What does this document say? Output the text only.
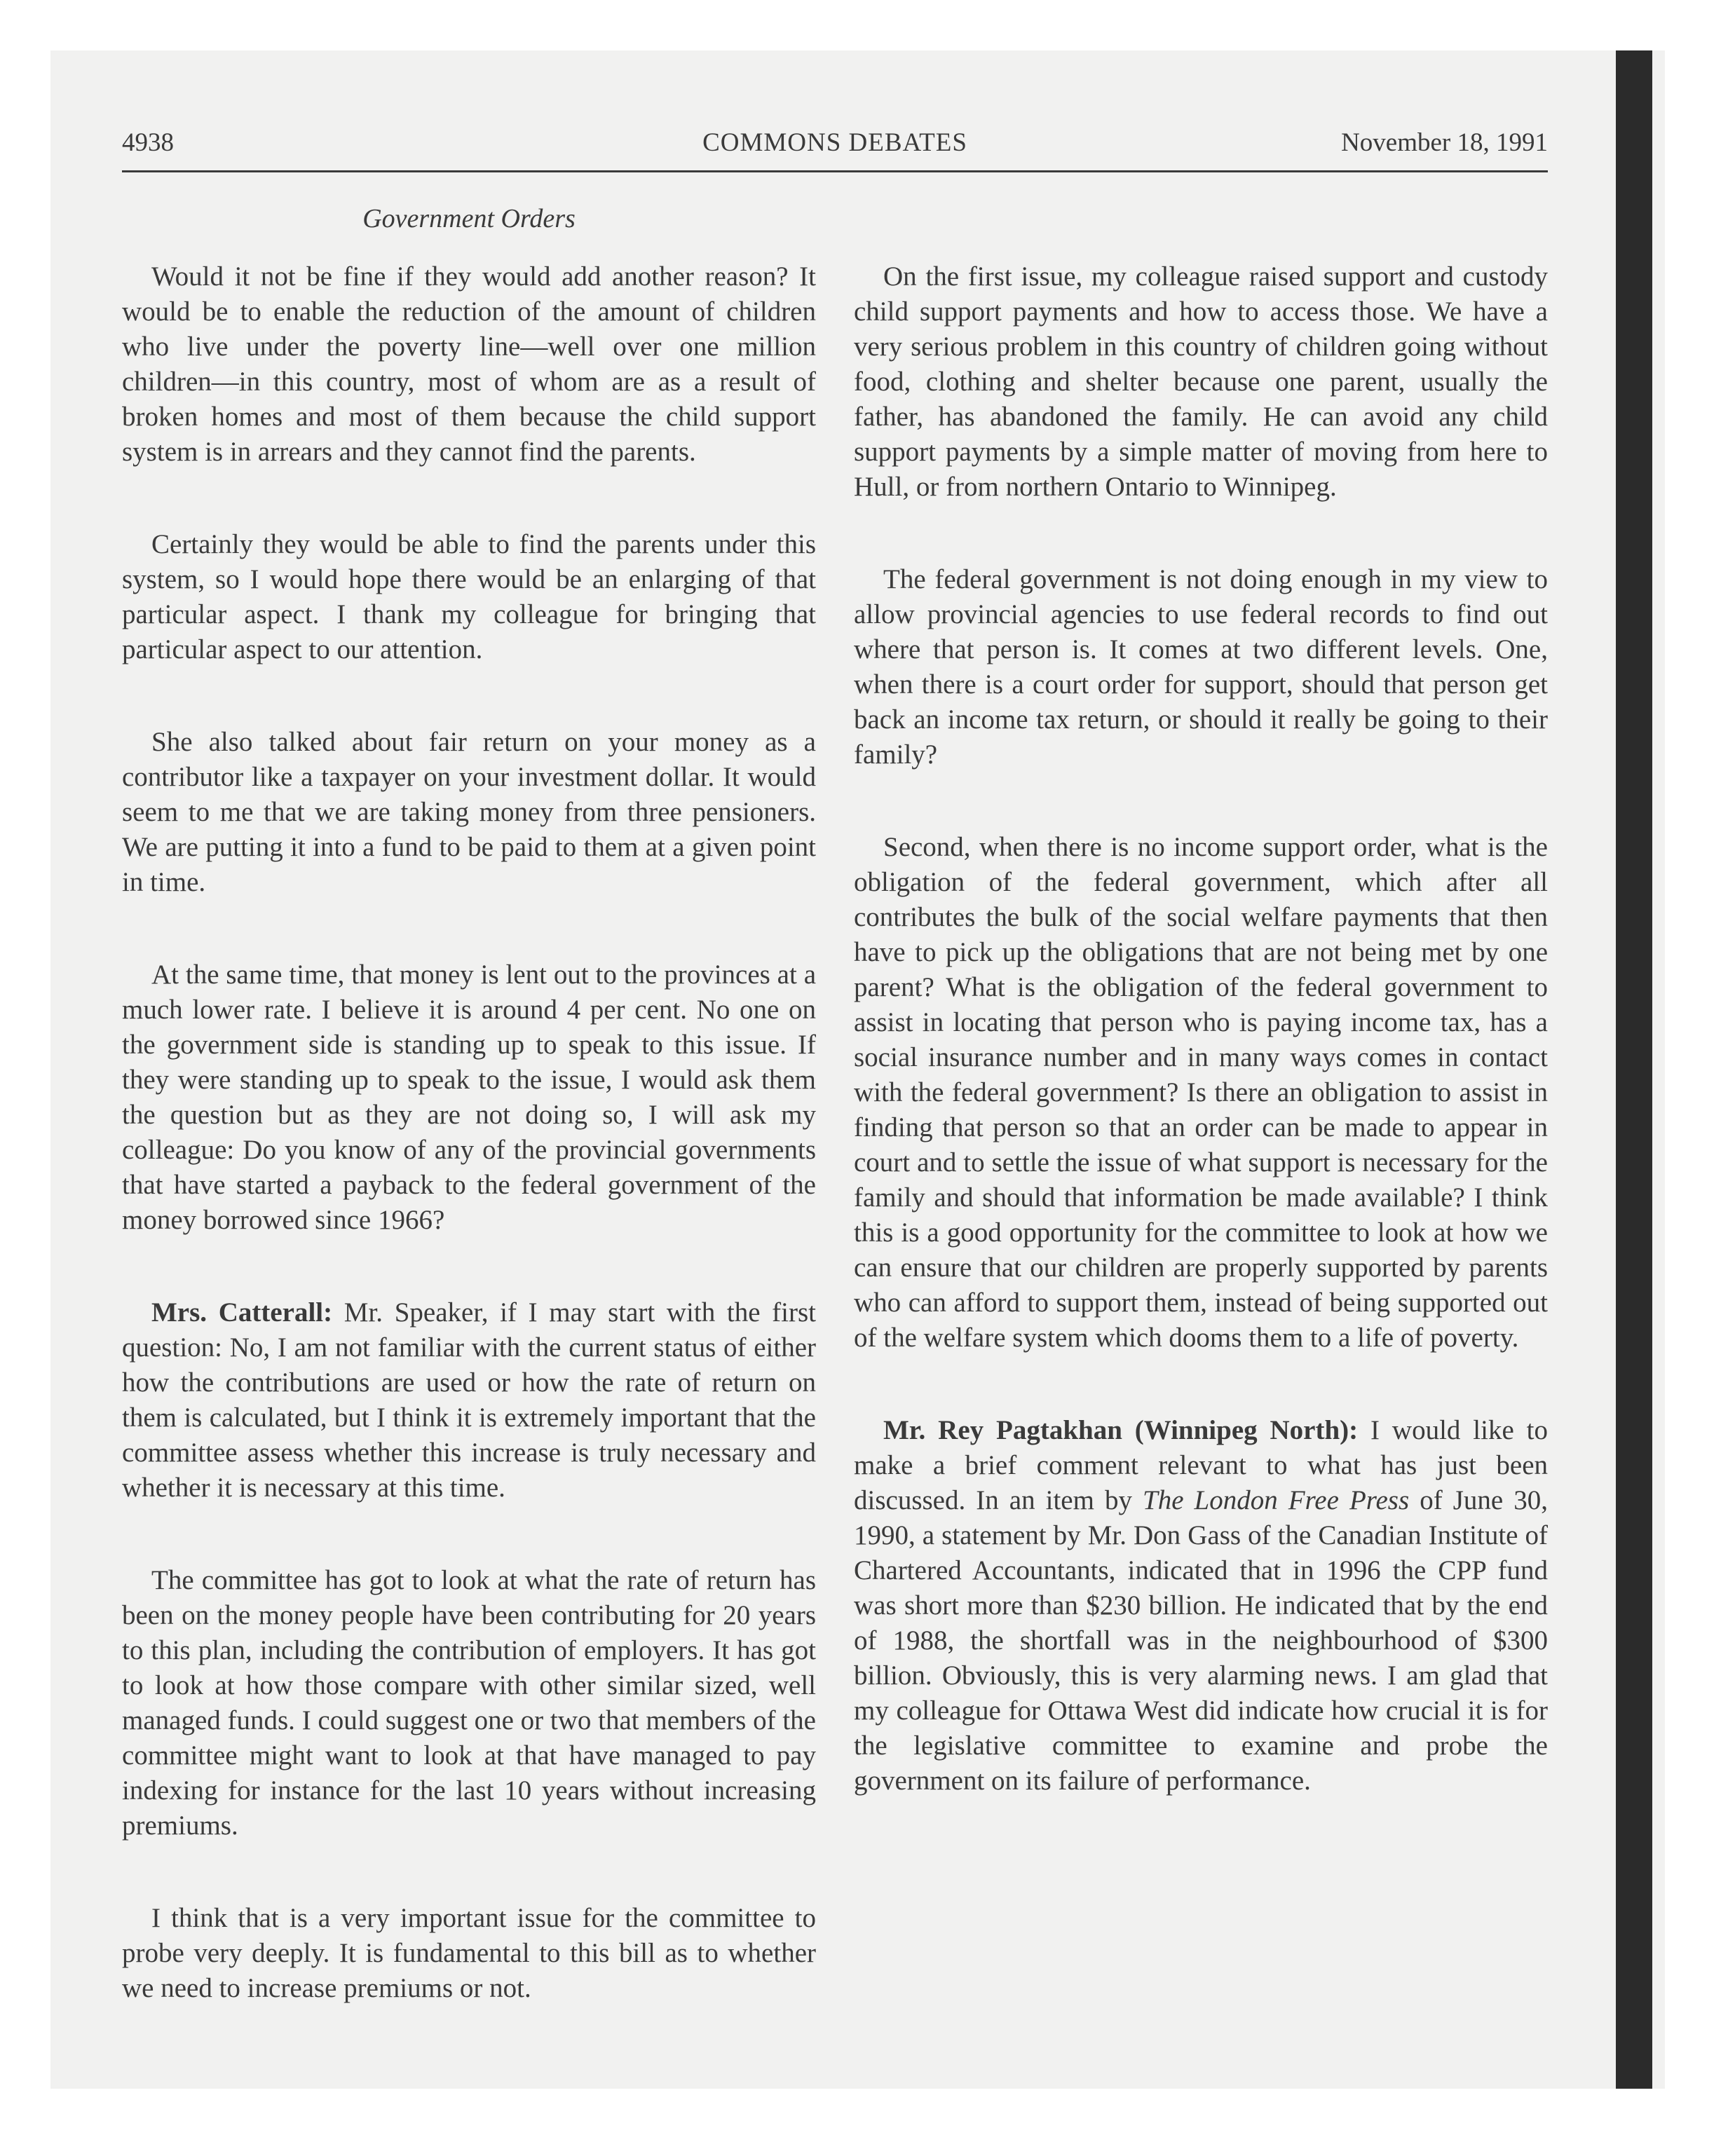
4938	COMMONS DEBATES	November 18, 1991
Government Orders

Would it not be fine if they would add another reason? It would be to enable the reduction of the amount of children who live under the poverty line—well over one million children—in this country, most of whom are as a result of broken homes and most of them because the child support system is in arrears and they cannot find the parents.

Certainly they would be able to find the parents under this system, so I would hope there would be an enlarging of that particular aspect. I thank my colleague for bringing that particular aspect to our attention.

She also talked about fair return on your money as a contributor like a taxpayer on your investment dollar. It would seem to me that we are taking money from three pensioners. We are putting it into a fund to be paid to them at a given point in time.

At the same time, that money is lent out to the provinces at a much lower rate. I believe it is around 4 per cent. No one on the government side is standing up to speak to this issue. If they were standing up to speak to the issue, I would ask them the question but as they are not doing so, I will ask my colleague: Do you know of any of the provincial governments that have started a payback to the federal government of the money borrowed since 1966?

Mrs. Catterall: Mr. Speaker, if I may start with the first question: No, I am not familiar with the current status of either how the contributions are used or how the rate of return on them is calculated, but I think it is extremely important that the committee assess whether this increase is truly necessary and whether it is necessary at this time.

The committee has got to look at what the rate of return has been on the money people have been contributing for 20 years to this plan, including the contribution of employers. It has got to look at how those compare with other similar sized, well managed funds. I could suggest one or two that members of the committee might want to look at that have managed to pay indexing for instance for the last 10 years without increasing premiums.

I think that is a very important issue for the committee to probe very deeply. It is fundamental to this bill as to whether we need to increase premiums or not.

On the first issue, my colleague raised support and custody child support payments and how to access those. We have a very serious problem in this country of children going without food, clothing and shelter because one parent, usually the father, has abandoned the family. He can avoid any child support payments by a simple matter of moving from here to Hull, or from northern Ontario to Winnipeg.

The federal government is not doing enough in my view to allow provincial agencies to use federal records to find out where that person is. It comes at two different levels. One, when there is a court order for support, should that person get back an income tax return, or should it really be going to their family?

Second, when there is no income support order, what is the obligation of the federal government, which after all contributes the bulk of the social welfare payments that then have to pick up the obligations that are not being met by one parent? What is the obligation of the federal government to assist in locating that person who is paying income tax, has a social insurance number and in many ways comes in contact with the federal government? Is there an obligation to assist in finding that person so that an order can be made to appear in court and to settle the issue of what support is necessary for the family and should that information be made available? I think this is a good opportunity for the committee to look at how we can ensure that our children are properly supported by parents who can afford to support them, instead of being supported out of the welfare system which dooms them to a life of poverty.

Mr. Rey Pagtakhan (Winnipeg North): I would like to make a brief comment relevant to what has just been discussed. In an item by The London Free Press of June 30, 1990, a statement by Mr. Don Gass of the Canadian Institute of Chartered Accountants, indicated that in 1996 the CPP fund was short more than $230 billion. He indicated that by the end of 1988, the shortfall was in the neighbourhood of $300 billion. Obviously, this is very alarming news. I am glad that my colleague for Ottawa West did indicate how crucial it is for the legislative committee to examine and probe the government on its failure of performance.
